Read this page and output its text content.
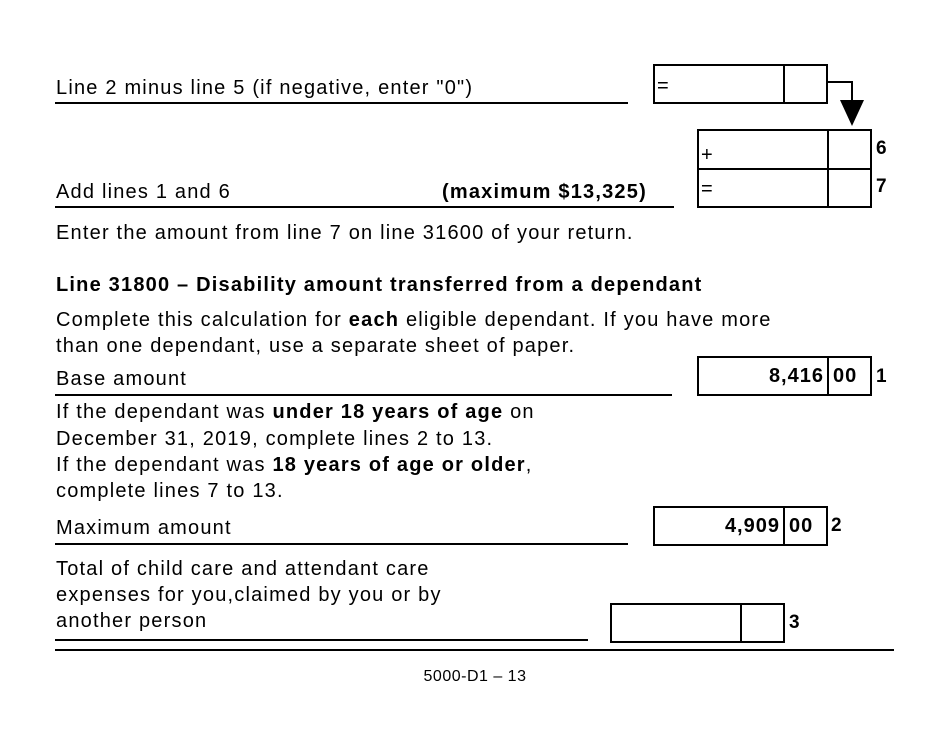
Line 2 minus line 5 (if negative, enter "0")	=
+	6
Add lines 1 and 6	(maximum $13,325)	=	7
Enter the amount from line 7 on line 31600 of your return.
Line 31800 – Disability amount transferred from a dependant
Complete this calculation for each eligible dependant. If you have more
than one dependant, use a separate sheet of paper.
Base amount	8,416 00 1
If the dependant was under 18 years of age on
December 31, 2019, complete lines 2 to 13.
If the dependant was 18 years of age or older,
complete lines 7 to 13.
Maximum amount	4,909 00 2
Total of child care and attendant care
expenses for you,claimed by you or by
another person	3
5000-D1 – 13
